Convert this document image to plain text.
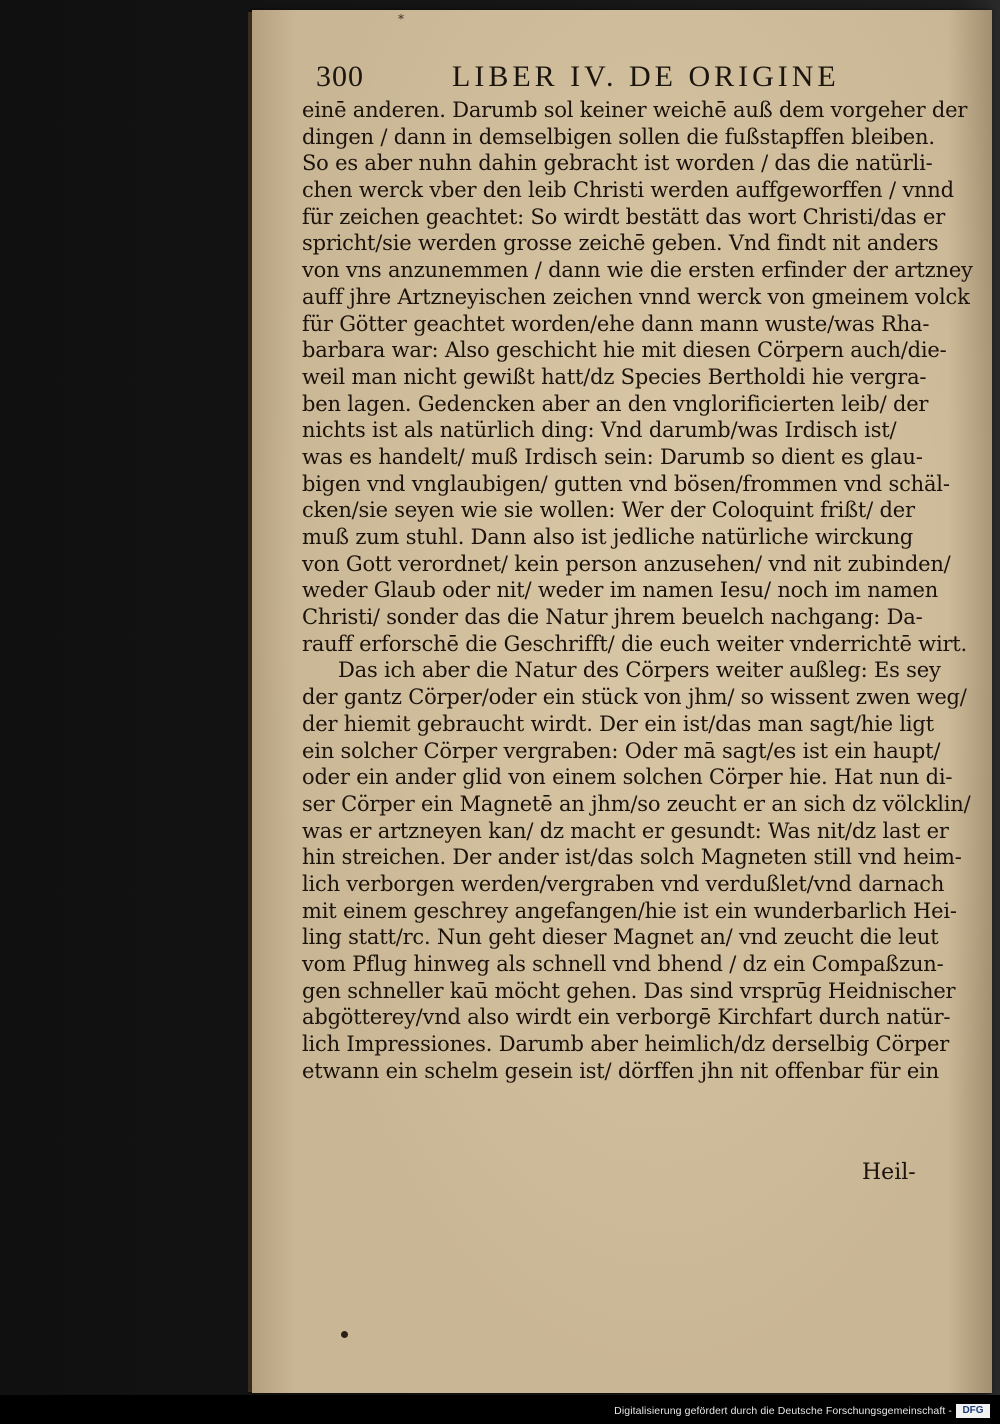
*
300	LIBER IV. DE ORIGINE
einē anderen. Darumb sol keiner weichē auß dem vorgeher der
dingen / dann in demselbigen sollen die fußstapffen bleiben.
So es aber nuhn dahin gebracht ist worden / das die natürli-
chen werck vber den leib Christi werden auffgeworffen / vnnd
für zeichen geachtet: So wirdt bestätt das wort Christi/das er
spricht/sie werden grosse zeichē geben. Vnd findt nit anders
von vns anzunemmen / dann wie die ersten erfinder der artzney
auff jhre Artzneyischen zeichen vnnd werck von gmeinem volck
für Götter geachtet worden/ehe dann mann wuste/was Rha-
barbara war: Also geschicht hie mit diesen Cörpern auch/die-
weil man nicht gewißt hatt/dz Species Bertholdi hie vergra-
ben lagen. Gedencken aber an den vnglorificierten leib/ der
nichts ist als natürlich ding: Vnd darumb/was Irdisch ist/
was es handelt/ muß Irdisch sein: Darumb so dient es glau-
bigen vnd vnglaubigen/ gutten vnd bösen/frommen vnd schäl-
cken/sie seyen wie sie wollen: Wer der Coloquint frißt/ der
muß zum stuhl. Dann also ist jedliche natürliche wirckung
von Gott verordnet/ kein person anzusehen/ vnd nit zubinden/
weder Glaub oder nit/ weder im namen Iesu/ noch im namen
Christi/ sonder das die Natur jhrem beuelch nachgang: Da-
rauff erforschē die Geschrifft/ die euch weiter vnderrichtē wirt.
Das ich aber die Natur des Cörpers weiter außleg: Es sey
der gantz Cörper/oder ein stück von jhm/ so wissent zwen weg/
der hiemit gebraucht wirdt. Der ein ist/das man sagt/hie ligt
ein solcher Cörper vergraben: Oder mā sagt/es ist ein haupt/
oder ein ander glid von einem solchen Cörper hie. Hat nun di-
ser Cörper ein Magnetē an jhm/so zeucht er an sich dz völcklin/
was er artzneyen kan/ dz macht er gesundt: Was nit/dz last er
hin streichen. Der ander ist/das solch Magneten still vnd heim-
lich verborgen werden/vergraben vnd verdußlet/vnd darnach
mit einem geschrey angefangen/hie ist ein wunderbarlich Hei-
ling statt/rc. Nun geht dieser Magnet an/ vnd zeucht die leut
vom Pflug hinweg als schnell vnd bhend / dz ein Compaßzun-
gen schneller kaū möcht gehen. Das sind vrsprūg Heidnischer
abgötterey/vnd also wirdt ein verborgē Kirchfart durch natür-
lich Impressiones. Darumb aber heimlich/dz derselbig Cörper
etwann ein schelm gesein ist/ dörffen jhn nit offenbar für ein
Heil-
Digitalisierung gefördert durch die Deutsche Forschungsgemeinschaft -	DFG
